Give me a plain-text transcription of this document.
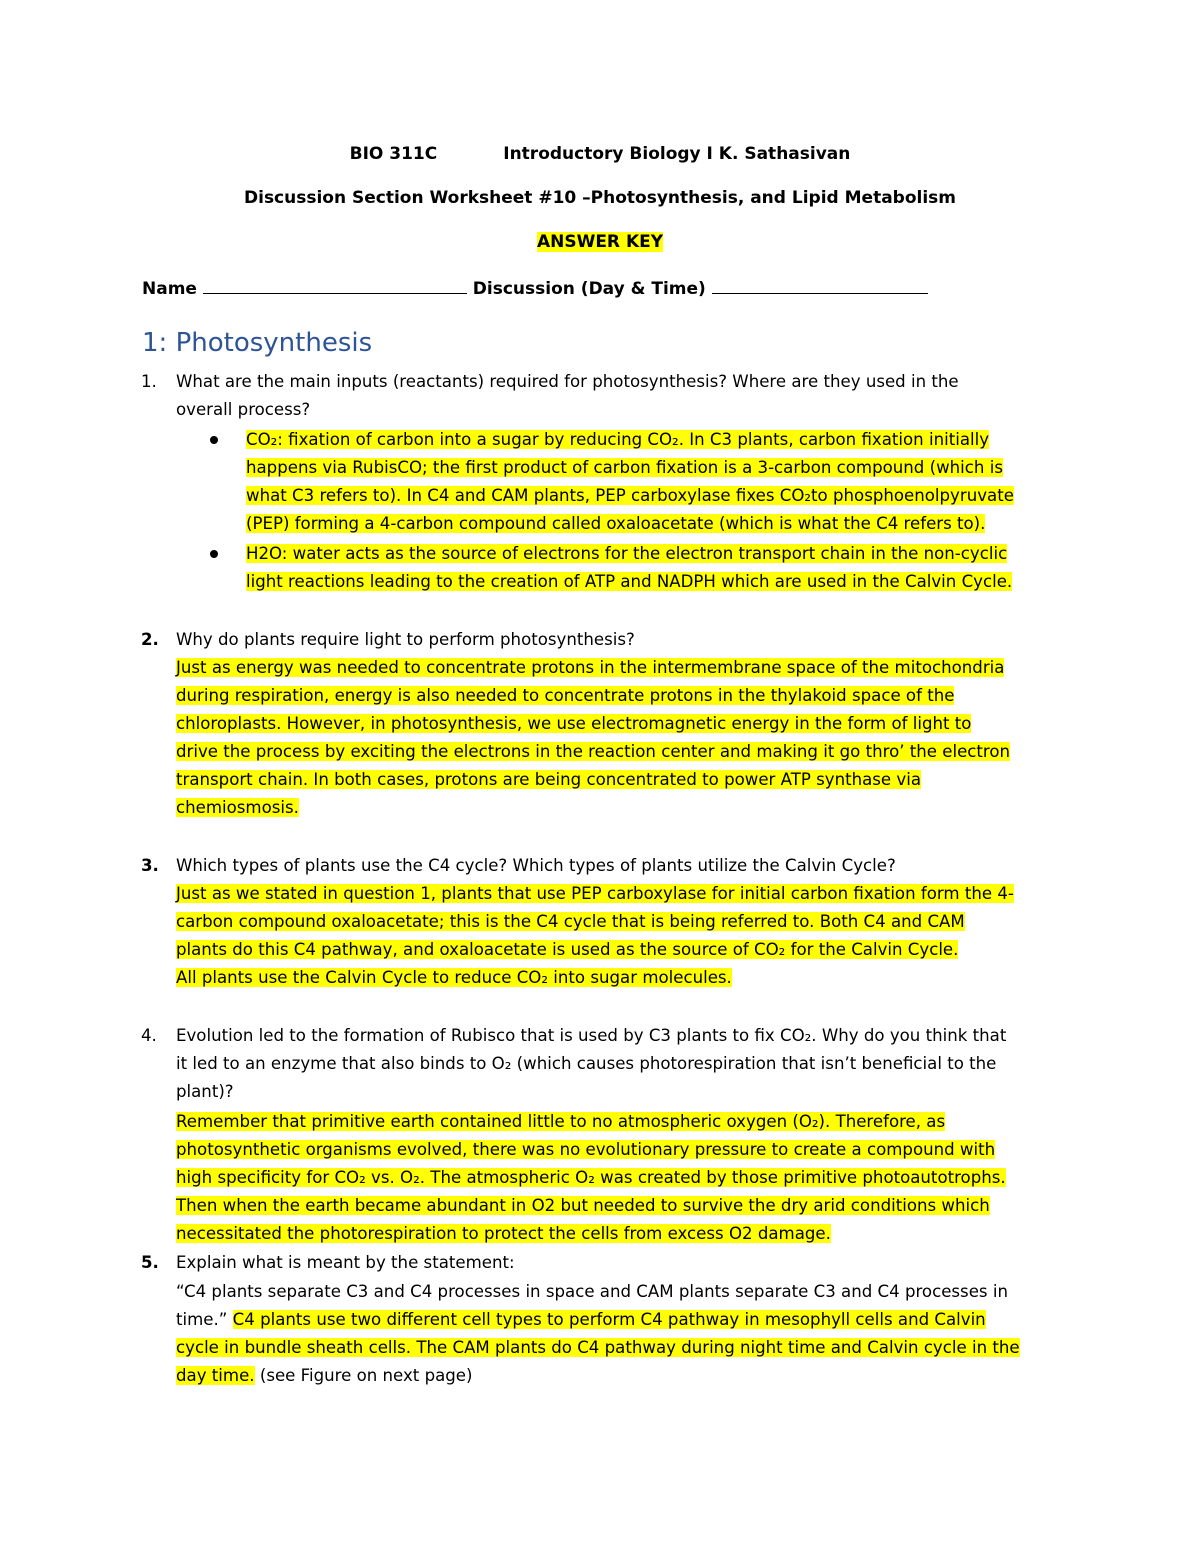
BIO 311C	Introductory Biology I K. Sathasivan
Discussion Section Worksheet #10 –Photosynthesis, and Lipid Metabolism
ANSWER KEY
Name	Discussion (Day & Time)
1: Photosynthesis
1. What are the main inputs (reactants) required for photosynthesis? Where are they used in the
overall process?
CO₂: fixation of carbon into a sugar by reducing CO₂. In C3 plants, carbon fixation initially
happens via RubisCO; the first product of carbon fixation is a 3-carbon compound (which is
what C3 refers to). In C4 and CAM plants, PEP carboxylase fixes CO₂to phosphoenolpyruvate
(PEP) forming a 4-carbon compound called oxaloacetate (which is what the C4 refers to).
H2O: water acts as the source of electrons for the electron transport chain in the non-cyclic
light reactions leading to the creation of ATP and NADPH which are used in the Calvin Cycle.
2. Why do plants require light to perform photosynthesis?
Just as energy was needed to concentrate protons in the intermembrane space of the mitochondria
during respiration, energy is also needed to concentrate protons in the thylakoid space of the
chloroplasts. However, in photosynthesis, we use electromagnetic energy in the form of light to
drive the process by exciting the electrons in the reaction center and making it go thro’ the electron
transport chain. In both cases, protons are being concentrated to power ATP synthase via
chemiosmosis.
3. Which types of plants use the C4 cycle? Which types of plants utilize the Calvin Cycle?
Just as we stated in question 1, plants that use PEP carboxylase for initial carbon fixation form the 4-
carbon compound oxaloacetate; this is the C4 cycle that is being referred to. Both C4 and CAM
plants do this C4 pathway, and oxaloacetate is used as the source of CO₂ for the Calvin Cycle.
All plants use the Calvin Cycle to reduce CO₂ into sugar molecules.
4. Evolution led to the formation of Rubisco that is used by C3 plants to fix CO₂. Why do you think that
it led to an enzyme that also binds to O₂ (which causes photorespiration that isn’t beneficial to the
plant)?
Remember that primitive earth contained little to no atmospheric oxygen (O₂). Therefore, as
photosynthetic organisms evolved, there was no evolutionary pressure to create a compound with
high specificity for CO₂ vs. O₂. The atmospheric O₂ was created by those primitive photoautotrophs.
Then when the earth became abundant in O2 but needed to survive the dry arid conditions which
necessitated the photorespiration to protect the cells from excess O2 damage.
5. Explain what is meant by the statement:
“C4 plants separate C3 and C4 processes in space and CAM plants separate C3 and C4 processes in
time.” C4 plants use two different cell types to perform C4 pathway in mesophyll cells and Calvin
cycle in bundle sheath cells. The CAM plants do C4 pathway during night time and Calvin cycle in the
day time. (see Figure on next page)
